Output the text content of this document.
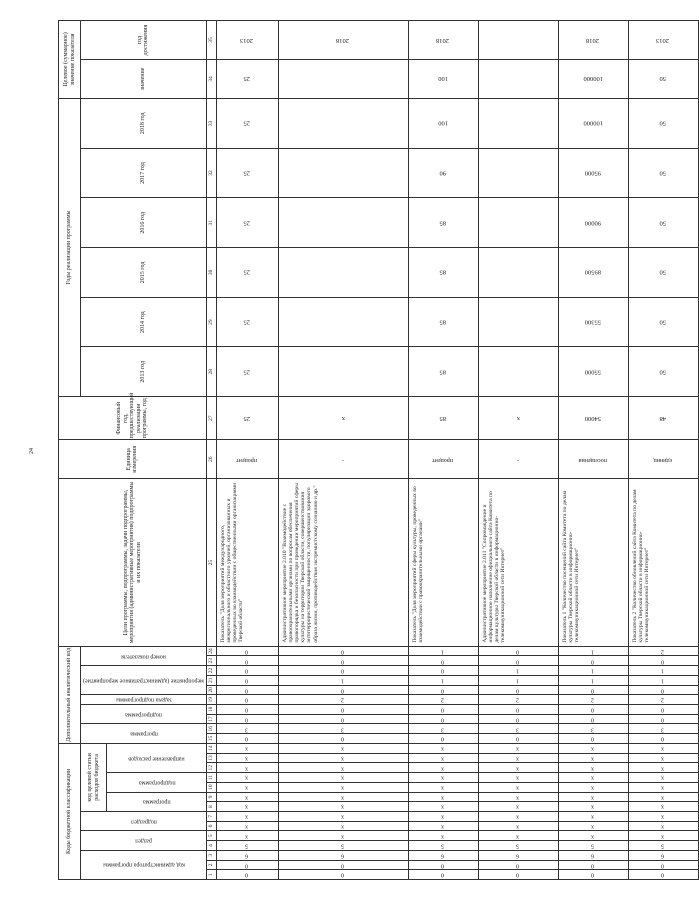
24
Коды бюджетной классификации														Дополнительный аналитический код										Цели программы, подпрограммы, задачи подпрограммы, мероприятия (административные мероприятия) подпрограммы и их показатели	Единица измерения	Финансовый год, предшествующий реализации программы, год	Годы реализации программы						Целевое (суммарное) значение показателя	
код администратора программы			раздел		подраздел		код целевой статьи расходов бюджета							программа		подпрограмма		задача подпрограммы	мероприятие (административное мероприятие)			номер показателя					2013 год	2014 год	2015 год	2016 год	2017 год	2018 год	значение	год достижения
							программа		подпрограмма		направление расходов																							
1	2	3	4	5	6	7	8	9	10	11	12	13	14	15	16	17	18	19	20	21	22	23	24	25	26	27	28	29	30	31	32	33	34	35
0	0	6	5	х	х	х	х	х	х	х	х	х	х	0	3	0	0	0	0	0	0	0	0	Показатель "Доля мероприятий международного, межрегионального и областного уровней, организованных и проведенных во взаимодействии с общественными организациями Тверской области"	процент	25	25	25	25	25	25	25	25	2013
0	0	6	5	х	х	х	х	х	х	х	х	х	х	0	3	0	0	2	0	1	0	0	0	Административное мероприятие 2.010 "Взаимодействие с правоохранительными органами по вопросам обеспечения правопорядка и безопасности при проведении мероприятий сферы культуры на территории Тверской области, совершенствования антитеррористической защищенности, популяризации здорового образа жизни, противодействия экстремистскому сознанию и др."	-	х								2018
0	0	6	5	х	х	х	х	х	х	х	х	х	х	0	3	0	0	2	0	1	0	0	1	Показатель "Доля мероприятий сферы культуры, проведенных во взаимодействии с правоохранительными органами"	процент	85	85	85	85	85	90	100	100	2018
0	0	6	5	х	х	х	х	х	х	х	х	х	х	0	3	0	0	2	0	1	1	0	0	Административное мероприятие 2.011 "Сопровождение и информационное наполнение официального сайта Комитета по делам культуры Тверской области в информационно-телекоммуникационной сети Интернет"	-	х								
0	0	6	5	х	х	х	х	х	х	х	х	х	х	0	3	0	0	2	0	1	1	0	1	Показатель 1 "Количество посещений сайта Комитета по делам культуры Тверской области в информационно-телекоммуникационной сети Интернет"	посещения	54000	55000	55300	89500	90000	95000	100000	100000	2018
0	0	6	5	х	х	х	х	х	х	х	х	х	х	0	3	0	0	2	0	1	1	0	2	Показатель 2 "Количество обновлений сайта Комитета по делам культуры Тверской области в информационно-телекоммуникационной сети Интернет"	единиц	48	50	50	50	50	50	50	50	2013
